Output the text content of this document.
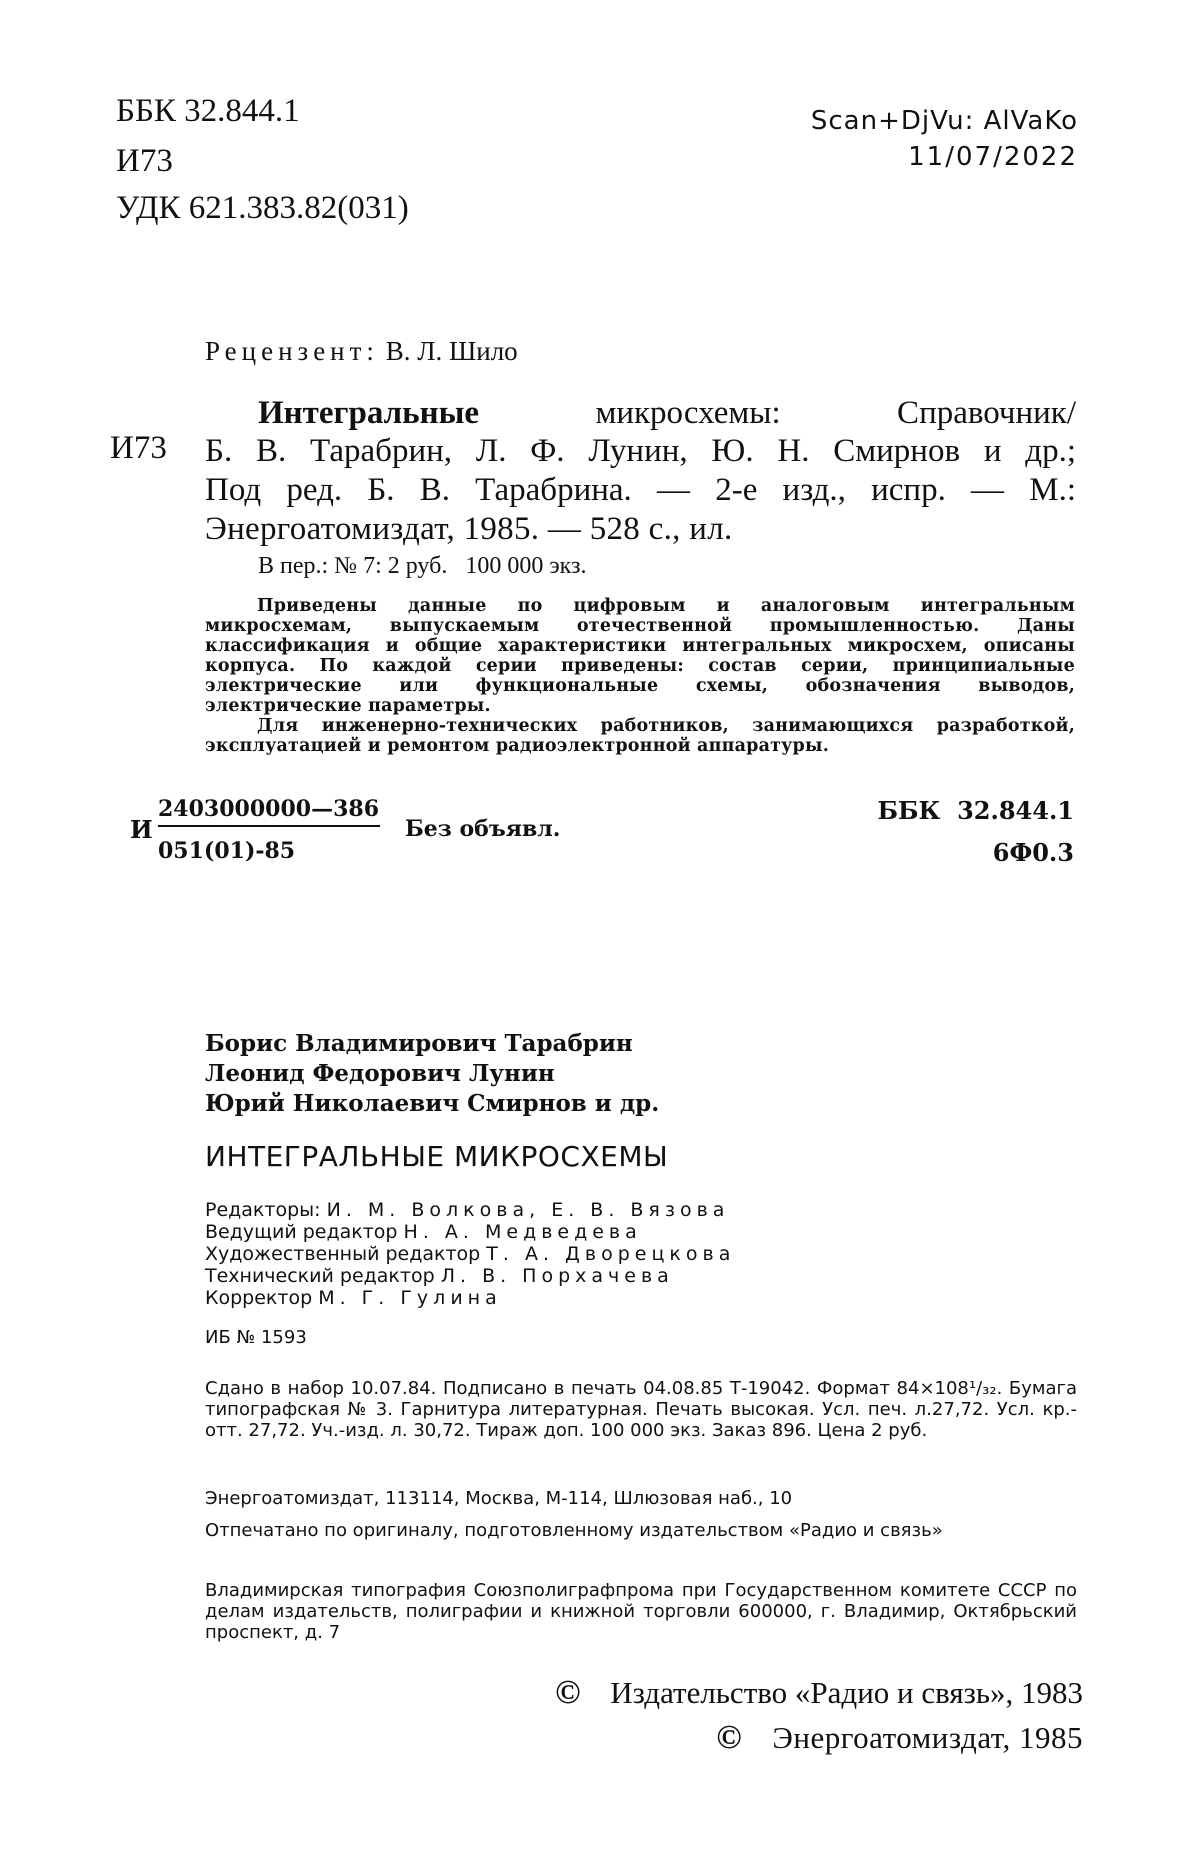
ББК 32.844.1
И73
УДК 621.383.82(031)
Scan+DjVu: AlVaKo
11/07/2022
Рецензент: В. Л. Шило
И73
Интегральные	микросхемы: Справочник/
Б. В. Тарабрин, Л. Ф. Лунин, Ю. Н. Смирнов и др.;
Под ред. Б. В. Тарабрина. — 2-е изд., испр. — М.:
Энергоатомиздат, 1985. — 528 с., ил.
В пер.: № 7: 2 руб.   100 000 экз.

Приведены данные по цифровым и аналоговым интегральным микросхемам, выпускаемым отечественной промышленностью. Даны классификация и общие характеристики интегральных микросхем, описаны корпуса. По каждой серии приведены: состав серии, принципиальные электрические или функциональные схемы, обозначения выводов, электрические параметры.

Для инженерно-технических работников, занимающихся разработкой, эксплуатацией и ремонтом радиоэлектронной аппаратуры.

И
2403000000—386
051(01)-85
Без объявл.
ББК  32.844.1
6Ф0.3
Борис Владимирович Тарабрин
Леонид Федорович Лунин
Юрий Николаевич Смирнов и др.
ИНТЕГРАЛЬНЫЕ МИКРОСХЕМЫ
Редакторы: И. М. Волкова, Е. В. Вязова
Ведущий редактор Н. А. Медведева
Художественный редактор Т. А. Дворецкова
Технический редактор Л. В. Порхачева
Корректор М. Г. Гулина
ИБ № 1593
Сдано в набор 10.07.84. Подписано в печать 04.08.85 Т-19042. Формат 84×108¹/₃₂. Бумага типографская № 3. Гарнитура литературная. Печать высокая. Усл. печ. л.27,72. Усл. кр.-отт. 27,72. Уч.-изд. л. 30,72. Тираж доп. 100 000 экз. Заказ 896. Цена 2 руб.
Энергоатомиздат, 113114, Москва, М-114, Шлюзовая наб., 10
Отпечатано по оригиналу, подготовленному издательством «Радио и связь»
Владимирская типография Союзполиграфпрома при Государственном комитете СССР по делам издательств, полиграфии и книжной торговли 600000, г. Владимир, Октябрьский проспект, д. 7
© Издательство «Радио и связь», 1983
© Энергоатомиздат, 1985
